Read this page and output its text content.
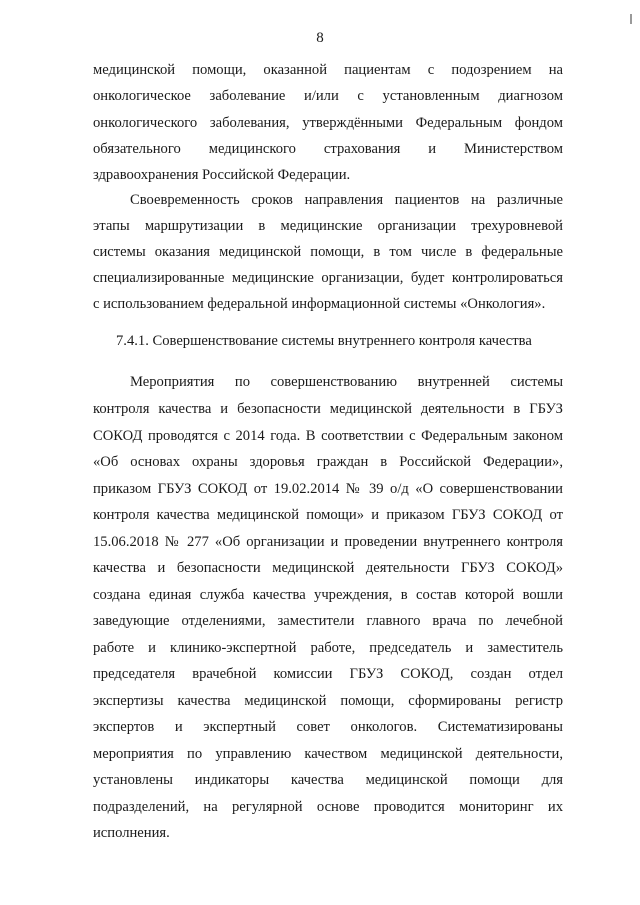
8
медицинской помощи, оказанной пациентам с подозрением на
онкологическое заболевание и/или с установленным диагнозом
онкологического заболевания, утверждёнными Федеральным фондом
обязательного медицинского страхования и Министерством
здравоохранения Российской Федерации.
Своевременность сроков направления пациентов на различные
этапы маршрутизации в медицинские организации трехуровневой
системы оказания медицинской помощи, в том числе в федеральные
специализированные медицинские организации, будет контролироваться
с использованием федеральной информационной системы «Онкология».
7.4.1. Совершенствование системы внутреннего контроля качества
Мероприятия по совершенствованию внутренней системы
контроля качества и безопасности медицинской деятельности в ГБУЗ
СОКОД проводятся с 2014 года. В соответствии с Федеральным законом
«Об основах охраны здоровья граждан в Российской Федерации»,
приказом ГБУЗ СОКОД от 19.02.2014 № 39 о/д «О совершенствовании
контроля качества медицинской помощи» и приказом ГБУЗ СОКОД от
15.06.2018 № 277 «Об организации и проведении внутреннего контроля
качества и безопасности медицинской деятельности ГБУЗ СОКОД»
создана единая служба качества учреждения, в состав которой вошли
заведующие отделениями, заместители главного врача по лечебной
работе и клинико-экспертной работе, председатель и заместитель
председателя врачебной комиссии ГБУЗ СОКОД, создан отдел
экспертизы качества медицинской помощи, сформированы регистр
экспертов и экспертный совет онкологов. Систематизированы
мероприятия по управлению качеством медицинской деятельности,
установлены индикаторы качества медицинской помощи для
подразделений, на регулярной основе проводится мониторинг их
исполнения.
